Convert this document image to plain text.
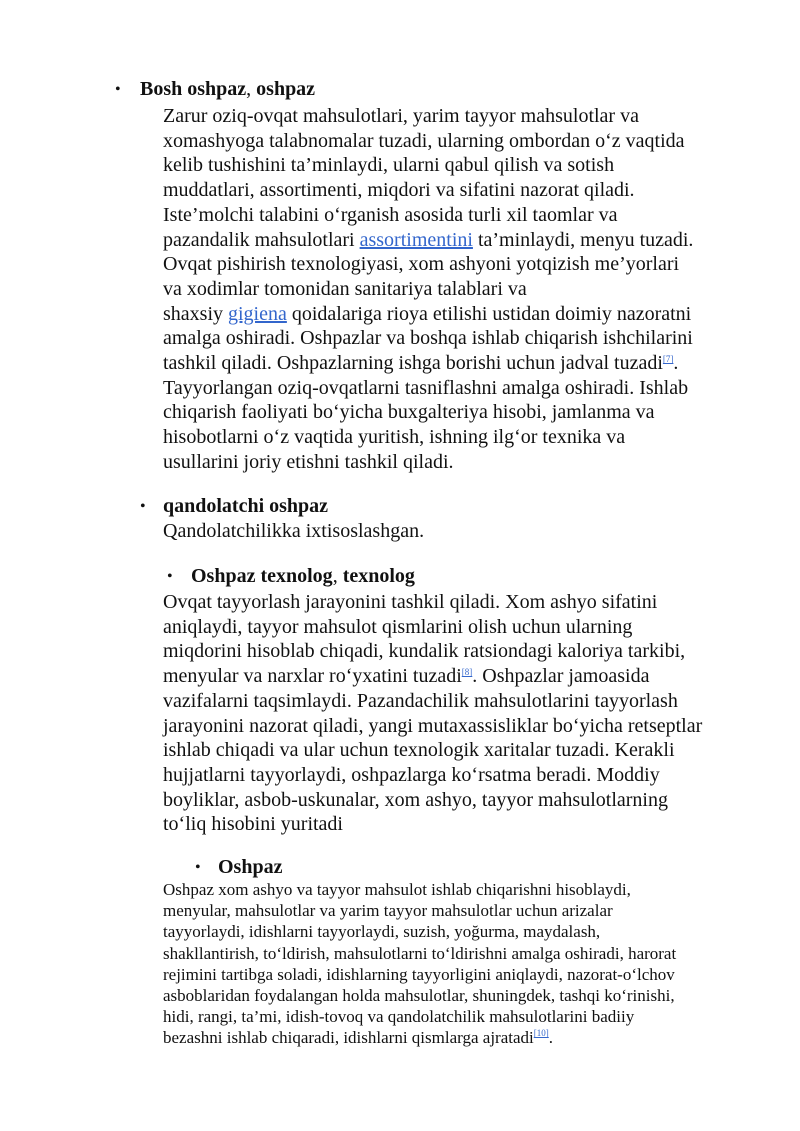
• Bosh oshpaz, oshpaz
Zarur oziq-ovqat mahsulotlari, yarim tayyor mahsulotlar va
xomashyoga talabnomalar tuzadi, ularning ombordan o‘z vaqtida
kelib tushishini ta’minlaydi, ularni qabul qilish va sotish
muddatlari, assortimenti, miqdori va sifatini nazorat qiladi.
Iste’molchi talabini o‘rganish asosida turli xil taomlar va
pazandalik mahsulotlari assortimentini ta’minlaydi, menyu tuzadi.
Ovqat pishirish texnologiyasi, xom ashyoni yotqizish me’yorlari
va xodimlar tomonidan sanitariya talablari va
shaxsiy gigiena qoidalariga rioya etilishi ustidan doimiy nazoratni
amalga oshiradi. Oshpazlar va boshqa ishlab chiqarish ishchilarini
tashkil qiladi. Oshpazlarning ishga borishi uchun jadval tuzadi[7].
Tayyorlangan oziq-ovqatlarni tasniflashni amalga oshiradi. Ishlab
chiqarish faoliyati bo‘yicha buxgalteriya hisobi, jamlanma va
hisobotlarni o‘z vaqtida yuritish, ishning ilg‘or texnika va
usullarini joriy etishni tashkil qiladi.
• qandolatchi oshpaz
Qandolatchilikka ixtisoslashgan.
• Oshpaz texnolog, texnolog
Ovqat tayyorlash jarayonini tashkil qiladi. Xom ashyo sifatini
aniqlaydi, tayyor mahsulot qismlarini olish uchun ularning
miqdorini hisoblab chiqadi, kundalik ratsiondagi kaloriya tarkibi,
menyular va narxlar ro‘yxatini tuzadi[8]. Oshpazlar jamoasida
vazifalarni taqsimlaydi. Pazandachilik mahsulotlarini tayyorlash
jarayonini nazorat qiladi, yangi mutaxassisliklar bo‘yicha retseptlar
ishlab chiqadi va ular uchun texnologik xaritalar tuzadi. Kerakli
hujjatlarni tayyorlaydi, oshpazlarga ko‘rsatma beradi. Moddiy
boyliklar, asbob-uskunalar, xom ashyo, tayyor mahsulotlarning
to‘liq hisobini yuritadi
• Oshpaz
Oshpaz xom ashyo va tayyor mahsulot ishlab chiqarishni hisoblaydi,
menyular, mahsulotlar va yarim tayyor mahsulotlar uchun arizalar
tayyorlaydi, idishlarni tayyorlaydi, suzish, yoğurma, maydalash,
shakllantirish, to‘ldirish, mahsulotlarni to‘ldirishni amalga oshiradi, harorat
rejimini tartibga soladi, idishlarning tayyorligini aniqlaydi, nazorat-o‘lchov
asboblaridan foydalangan holda mahsulotlar, shuningdek, tashqi ko‘rinishi,
hidi, rangi, ta’mi, idish-tovoq va qandolatchilik mahsulotlarini badiiy
bezashni ishlab chiqaradi, idishlarni qismlarga ajratadi[10].
